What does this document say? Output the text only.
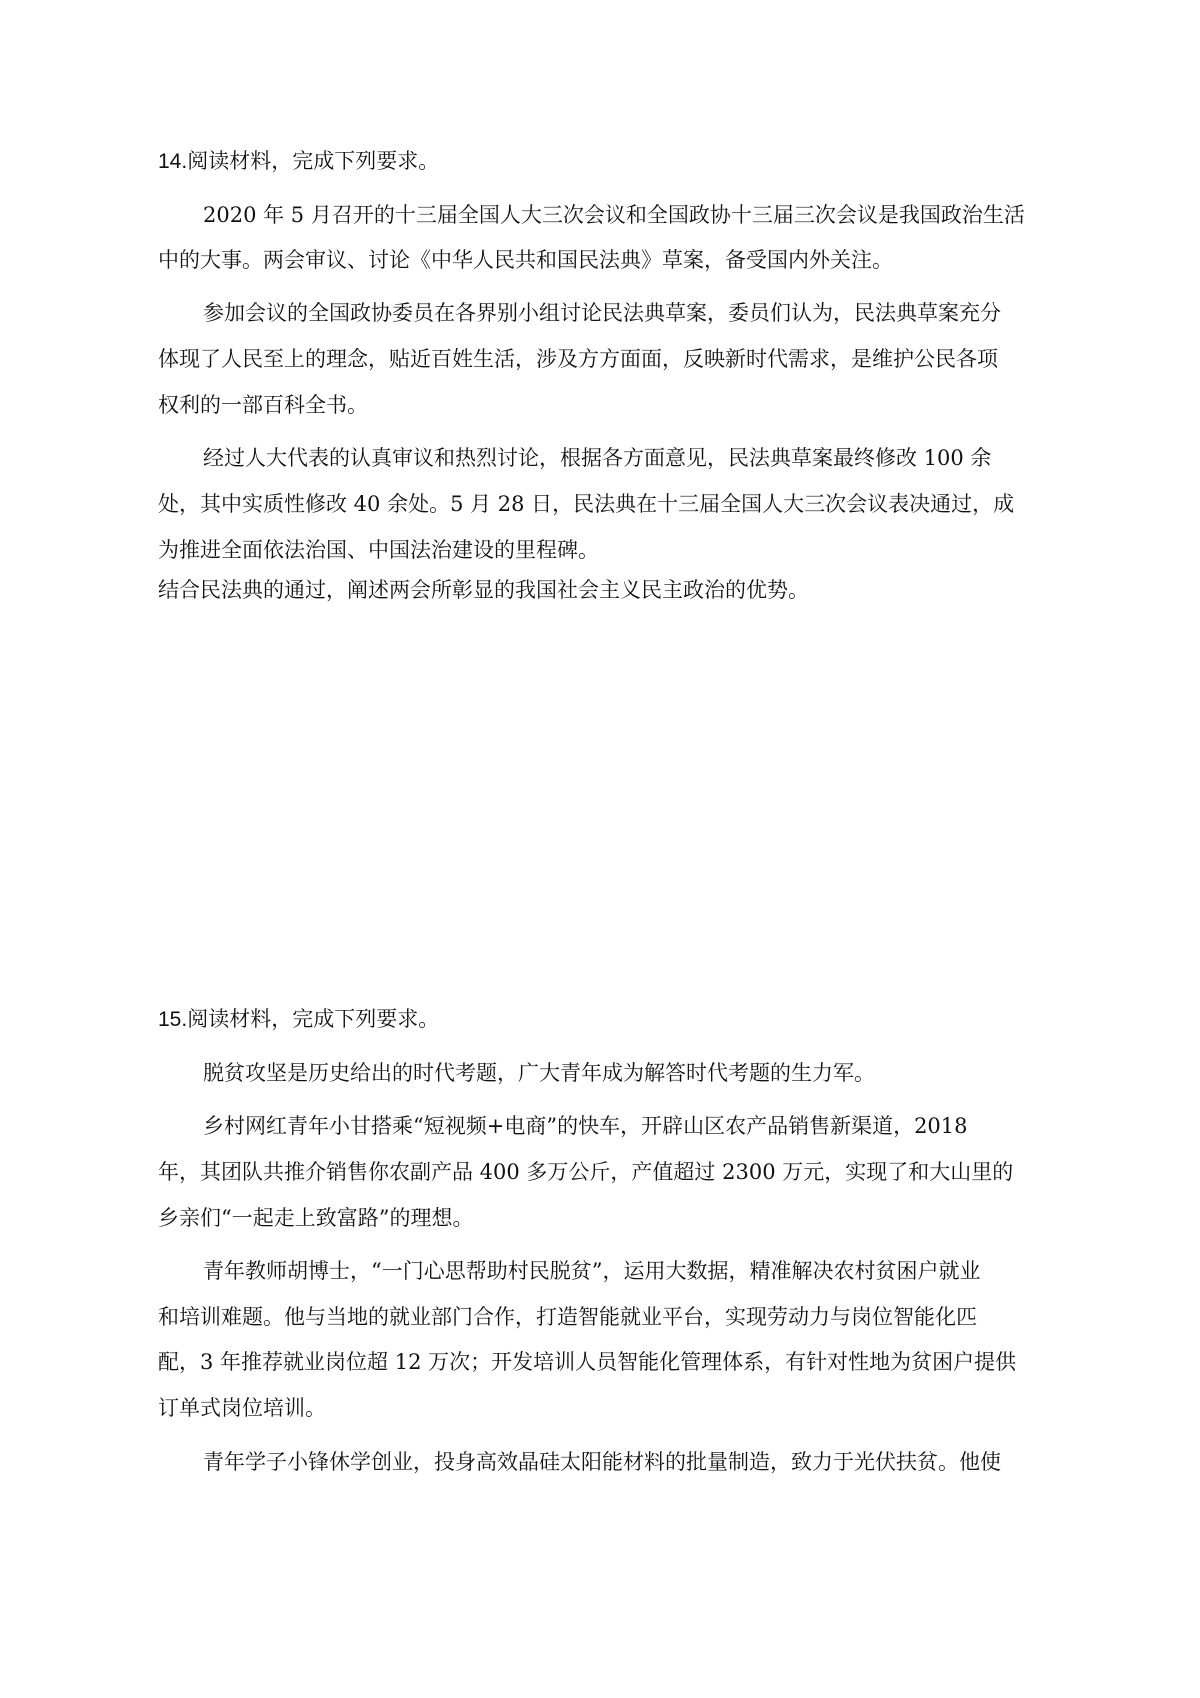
14.阅读材料，完成下列要求。
2020 年 5 月召开的十三届全国人大三次会议和全国政协十三届三次会议是我国政治生活
中的大事。两会审议、讨论《中华人民共和国民法典》草案，备受国内外关注。
参加会议的全国政协委员在各界别小组讨论民法典草案，委员们认为，民法典草案充分
体现了人民至上的理念，贴近百姓生活，涉及方方面面，反映新时代需求，是维护公民各项
权利的一部百科全书。
经过人大代表的认真审议和热烈讨论，根据各方面意见，民法典草案最终修改 100 余
处，其中实质性修改 40 余处。5 月 28 日，民法典在十三届全国人大三次会议表决通过，成
为推进全面依法治国、中国法治建设的里程碑。
结合民法典的通过，阐述两会所彰显的我国社会主义民主政治的优势。
15.阅读材料，完成下列要求。
脱贫攻坚是历史给出的时代考题，广大青年成为解答时代考题的生力军。
乡村网红青年小甘搭乘“短视频+电商”的快车，开辟山区农产品销售新渠道，2018
年，其团队共推介销售你农副产品 400 多万公斤，产值超过 2300 万元，实现了和大山里的
乡亲们“一起走上致富路”的理想。
青年教师胡博士，“一门心思帮助村民脱贫”，运用大数据，精准解决农村贫困户就业
和培训难题。他与当地的就业部门合作，打造智能就业平台，实现劳动力与岗位智能化匹
配，3 年推荐就业岗位超 12 万次；开发培训人员智能化管理体系，有针对性地为贫困户提供
订单式岗位培训。
青年学子小锋休学创业，投身高效晶硅太阳能材料的批量制造，致力于光伏扶贫。他使
